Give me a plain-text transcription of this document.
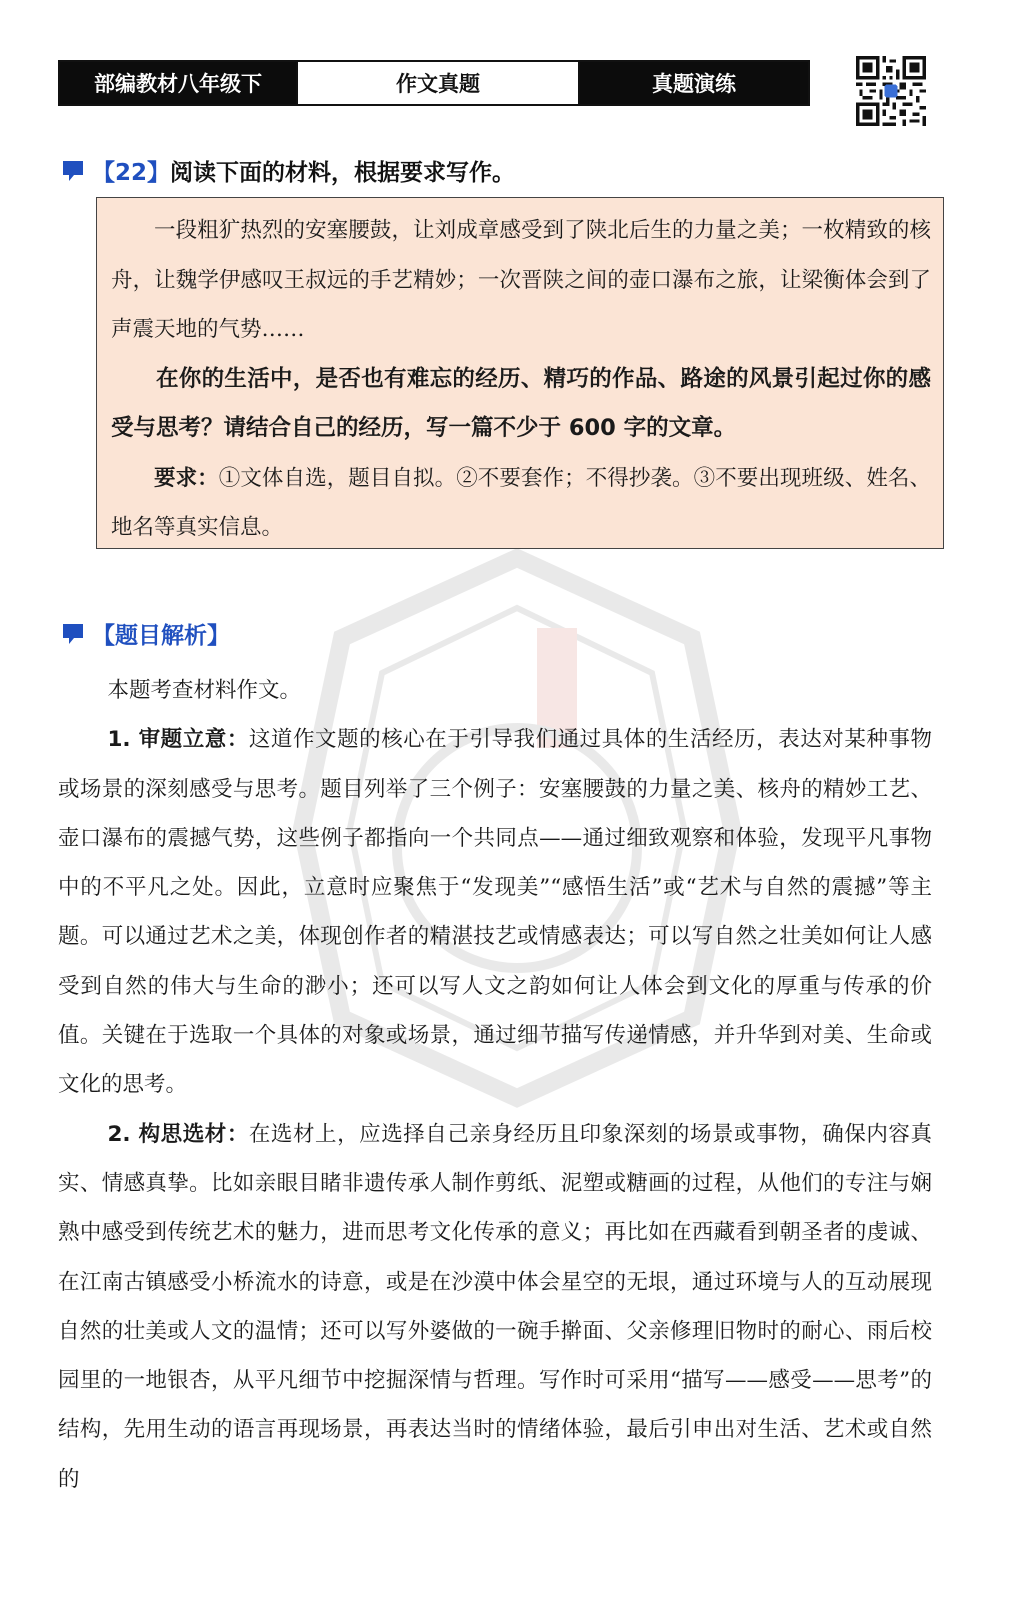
部编教材八年级下	作文真题	真题演练
【22】 阅读下面的材料，根据要求写作。

一段粗犷热烈的安塞腰鼓，让刘成章感受到了陕北后生的力量之美；一枚精致的核舟，让魏学伊感叹王叔远的手艺精妙；一次晋陕之间的壶口瀑布之旅，让梁衡体会到了声震天地的气势……

在你的生活中，是否也有难忘的经历、精巧的作品、路途的风景引起过你的感受与思考？请结合自己的经历，写一篇不少于 600 字的文章。

要求：①文体自选，题目自拟。②不要套作；不得抄袭。③不要出现班级、姓名、地名等真实信息。

【题目解析】

本题考查材料作文。

1. 审题立意：这道作文题的核心在于引导我们通过具体的生活经历，表达对某种事物或场景的深刻感受与思考。题目列举了三个例子：安塞腰鼓的力量之美、核舟的精妙工艺、壶口瀑布的震撼气势，这些例子都指向一个共同点——通过细致观察和体验，发现平凡事物中的不平凡之处。因此，立意时应聚焦于“发现美”“感悟生活”或“艺术与自然的震撼”等主题。可以通过艺术之美，体现创作者的精湛技艺或情感表达；可以写自然之壮美如何让人感受到自然的伟大与生命的渺小；还可以写人文之韵如何让人体会到文化的厚重与传承的价值。关键在于选取一个具体的对象或场景，通过细节描写传递情感，并升华到对美、生命或文化的思考。

2. 构思选材：在选材上，应选择自己亲身经历且印象深刻的场景或事物，确保内容真实、情感真挚。比如亲眼目睹非遗传承人制作剪纸、泥塑或糖画的过程，从他们的专注与娴熟中感受到传统艺术的魅力，进而思考文化传承的意义；再比如在西藏看到朝圣者的虔诚、在江南古镇感受小桥流水的诗意，或是在沙漠中体会星空的无垠，通过环境与人的互动展现自然的壮美或人文的温情；还可以写外婆做的一碗手擀面、父亲修理旧物时的耐心、雨后校园里的一地银杏，从平凡细节中挖掘深情与哲理。写作时可采用“描写——感受——思考”的结构，先用生动的语言再现场景，再表达当时的情绪体验，最后引申出对生活、艺术或自然的
